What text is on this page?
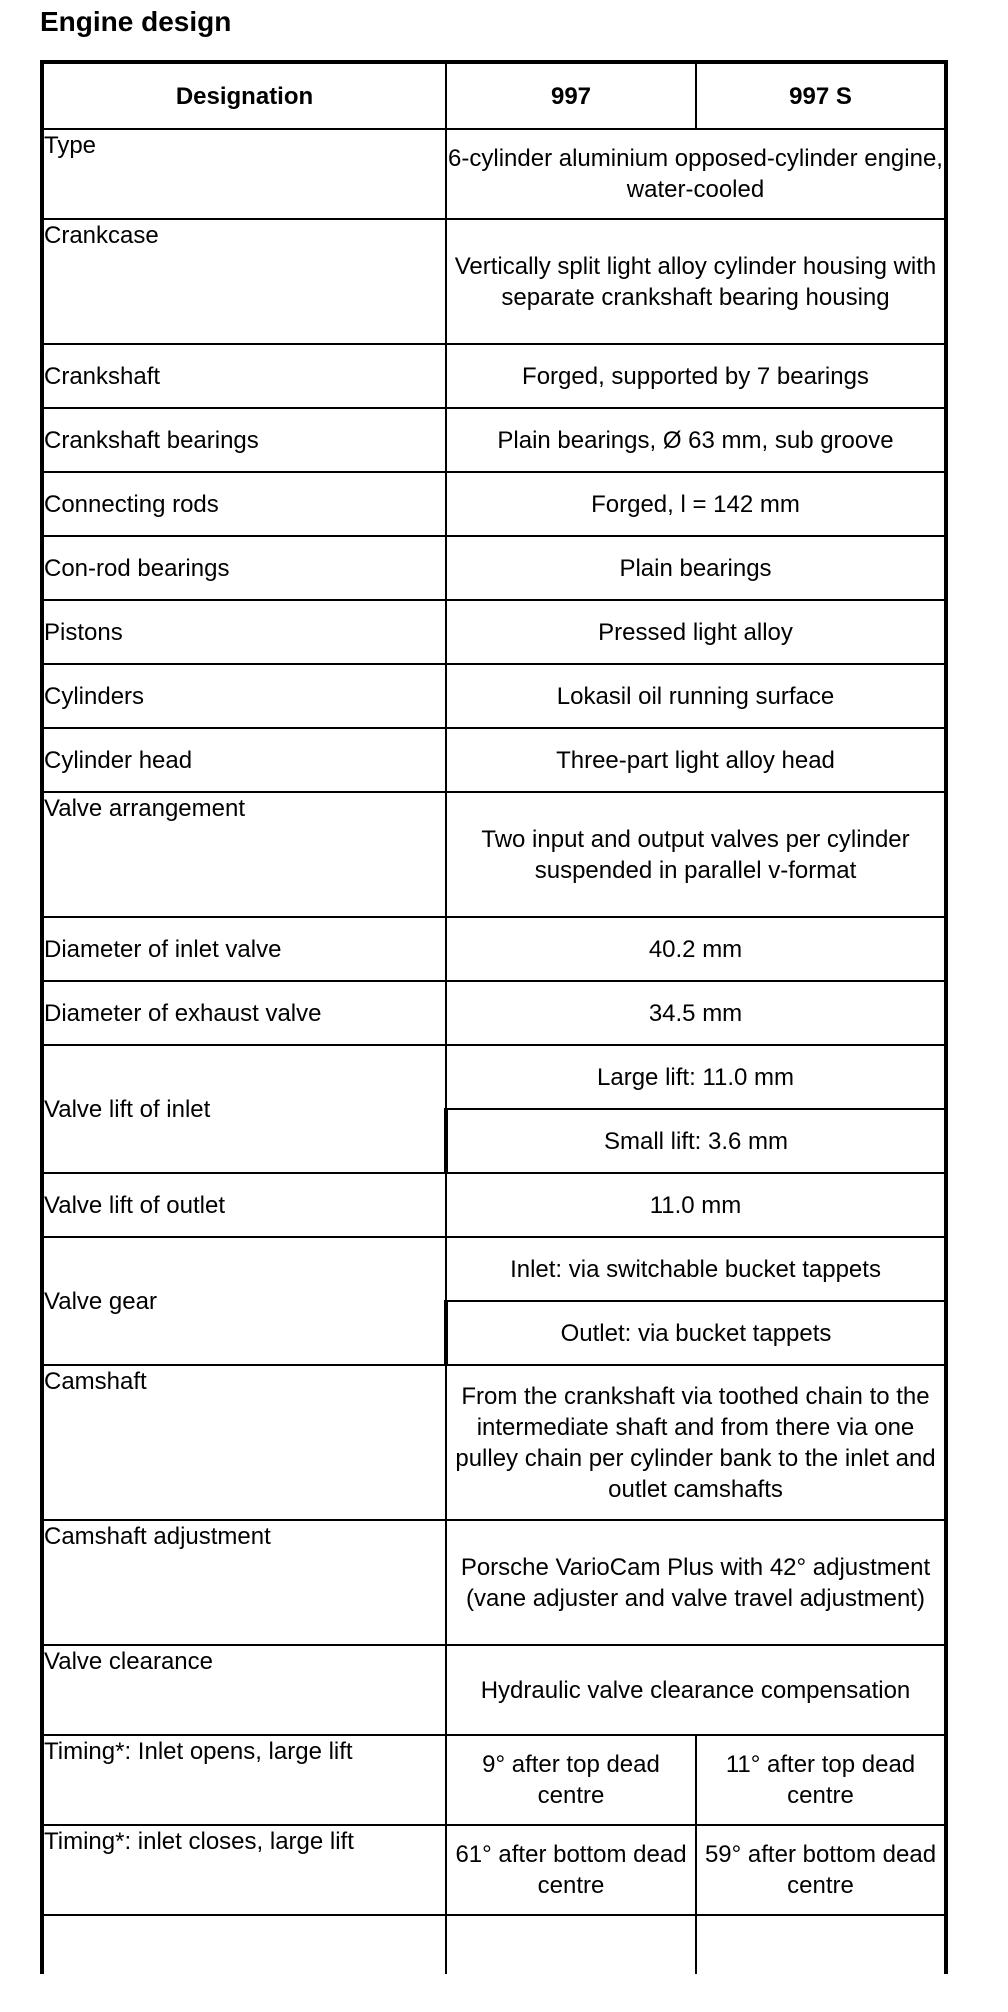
Engine design
Designation	997	997 S
Type	6-cylinder aluminium opposed-cylinder engine, water-cooled	
Crankcase	Vertically split light alloy cylinder housing with separate crankshaft bearing housing	
Crankshaft	Forged, supported by 7 bearings	
Crankshaft bearings	Plain bearings, Ø 63 mm, sub groove	
Connecting rods	Forged, l = 142 mm	
Con-rod bearings	Plain bearings	
Pistons	Pressed light alloy	
Cylinders	Lokasil oil running surface	
Cylinder head	Three-part light alloy head	
Valve arrangement	Two input and output valves per cylinder suspended in parallel v-format	
Diameter of inlet valve	40.2 mm	
Diameter of exhaust valve	34.5 mm	
Valve lift of inlet	Large lift: 11.0 mm	
	Small lift: 3.6 mm	
Valve lift of outlet	11.0 mm	
Valve gear	Inlet: via switchable bucket tappets	
	Outlet: via bucket tappets	
Camshaft	From the crankshaft via toothed chain to the intermediate shaft and from there via one pulley chain per cylinder bank to the inlet and outlet camshafts	
Camshaft adjustment	Porsche VarioCam Plus with 42° adjustment (vane adjuster and valve travel adjustment)	
Valve clearance	Hydraulic valve clearance compensation	
Timing*: Inlet opens, large lift	9° after top dead centre	11° after top dead centre
Timing*: inlet closes, large lift	61° after bottom dead centre	59° after bottom dead centre
